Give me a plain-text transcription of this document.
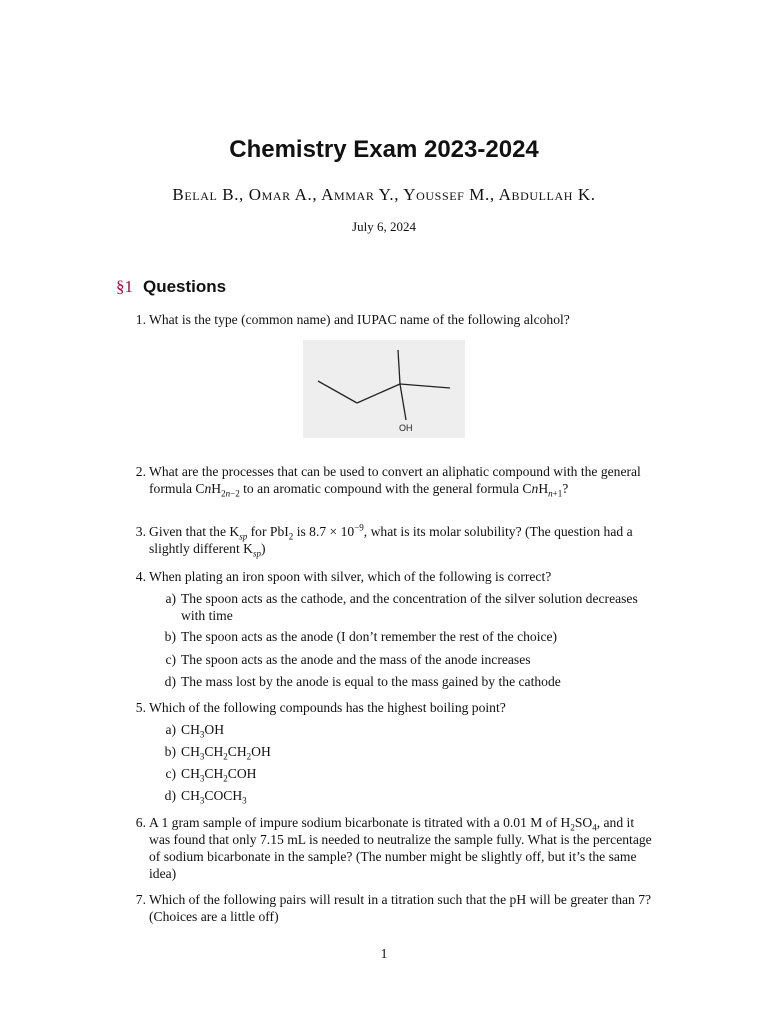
Chemistry Exam 2023-2024
Belal B., Omar A., Ammar Y., Youssef M., Abdullah K.
July 6, 2024
§1 Questions
1. What is the type (common name) and IUPAC name of the following alcohol?
OH
2. What are the processes that can be used to convert an aliphatic compound with the general formula CnH$_{2n-2}$ to an aromatic compound with the general formula CnH$_{n+1}$?
3. Given that the $K_{sp}$ for PbI$_2$ is $8.7 \times 10^{-9}$, what is its molar solubility? (The question had a slightly different $K_{sp}$)
4. When plating an iron spoon with silver, which of the following is correct?
a) The spoon acts as the cathode, and the concentration of the silver solution decreases with time
b) The spoon acts as the anode (I don’t remember the rest of the choice)
c) The spoon acts as the anode and the mass of the anode increases
d) The mass lost by the anode is equal to the mass gained by the cathode
5. Which of the following compounds has the highest boiling point?
a) $CH_3OH$
b) $CH_3CH_2CH_2OH$
c) $CH_3CH_2COH$
d) $CH_3COCH_3$
6. A 1 gram sample of impure sodium bicarbonate is titrated with a 0.01 M of $H_2SO_4$, and it was found that only 7.15 mL is needed to neutralize the sample fully. What is the percentage of sodium bicarbonate in the sample? (The number might be slightly off, but it’s the same idea)
7. Which of the following pairs will result in a titration such that the pH will be greater than 7? (Choices are a little off)
1
